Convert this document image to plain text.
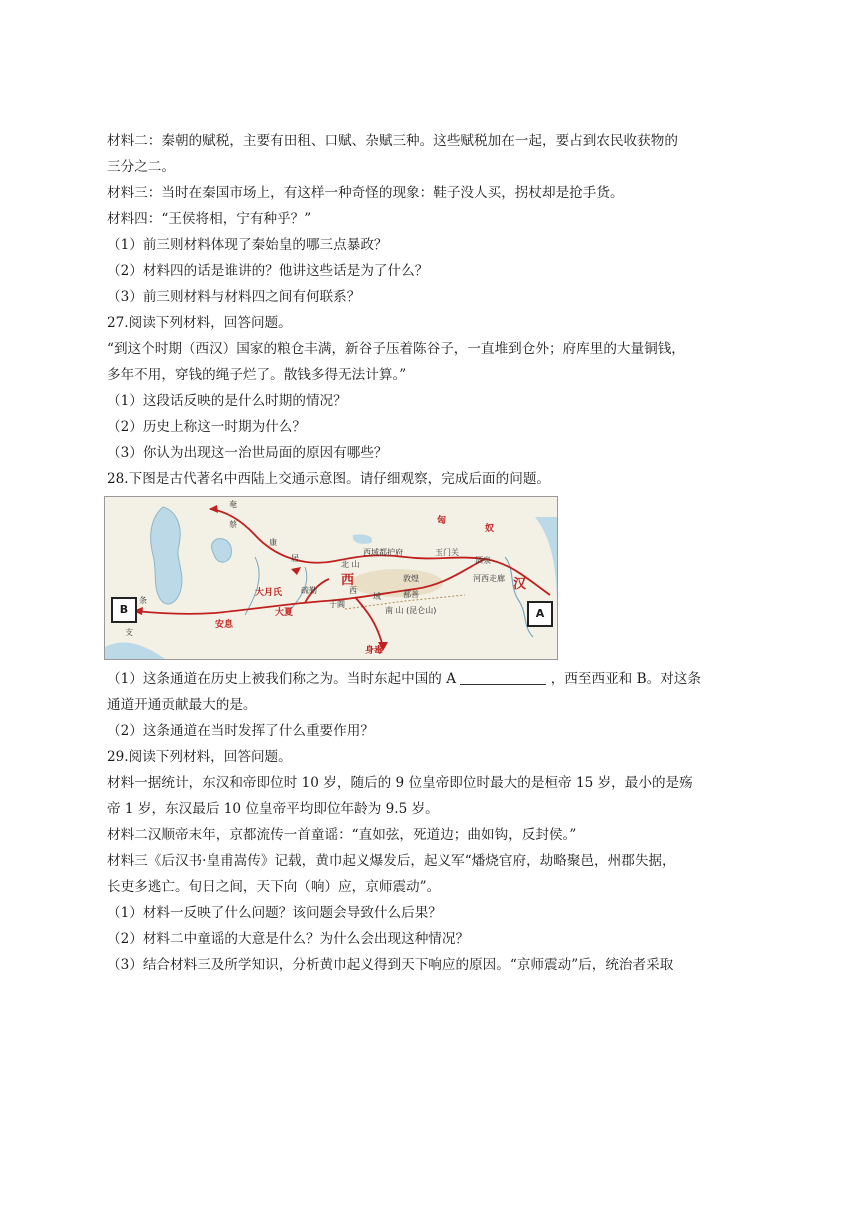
材料二：秦朝的赋税，主要有田租、口赋、杂赋三种。这些赋税加在一起，要占到农民收获物的
三分之二。
材料三：当时在秦国市场上，有这样一种奇怪的现象：鞋子没人买，拐杖却是抢手货。
材料四：“王侯将相，宁有种乎？”
（1）前三则材料体现了秦始皇的哪三点暴政？
（2）材料四的话是谁讲的？他讲这些话是为了什么？
（3）前三则材料与材料四之间有何联系？
27.阅读下列材料，回答问题。
“到这个时期（西汉）国家的粮仓丰满，新谷子压着陈谷子，一直堆到仓外；府库里的大量铜钱，
多年不用，穿钱的绳子烂了。散钱多得无法计算。”
（1）这段话反映的是什么时期的情况？
（2）历史上称这一时期为什么？
（3）你认为出现这一治世局面的原因有哪些？
28.下图是古代著名中西陆上交通示意图。请仔细观察，完成后面的问题。
B	A
奄
蔡
康
居
匈
奴
西域都护府
西
玉门关
酒泉
敦煌	汉
北 山
西
域
河西走廊
鄯善
疏勒
于阗
大月氏
大夏
安息
南 山 (昆仑山)
条
支
身毒
（1）这条通道在历史上被我们称之为。当时东起中国的 A	，西至西亚和 B。对这条
通道开通贡献最大的是。
（2）这条通道在当时发挥了什么重要作用？
29.阅读下列材料，回答问题。
材料一据统计，东汉和帝即位时 10 岁，随后的 9 位皇帝即位时最大的是桓帝 15 岁，最小的是殇
帝 1 岁，东汉最后 10 位皇帝平均即位年龄为 9.5 岁。
材料二汉顺帝末年，京都流传一首童谣：“直如弦，死道边；曲如钩，反封侯。”
材料三《后汉书·皇甫嵩传》记载，黄巾起义爆发后，起义军“燔烧官府，劫略聚邑，州郡失据，
长吏多逃亡。旬日之间，天下向（响）应，京师震动”。
（1）材料一反映了什么问题？该问题会导致什么后果？
（2）材料二中童谣的大意是什么？为什么会出现这种情况？
（3）结合材料三及所学知识，分析黄巾起义得到天下响应的原因。“京师震动”后，统治者采取
